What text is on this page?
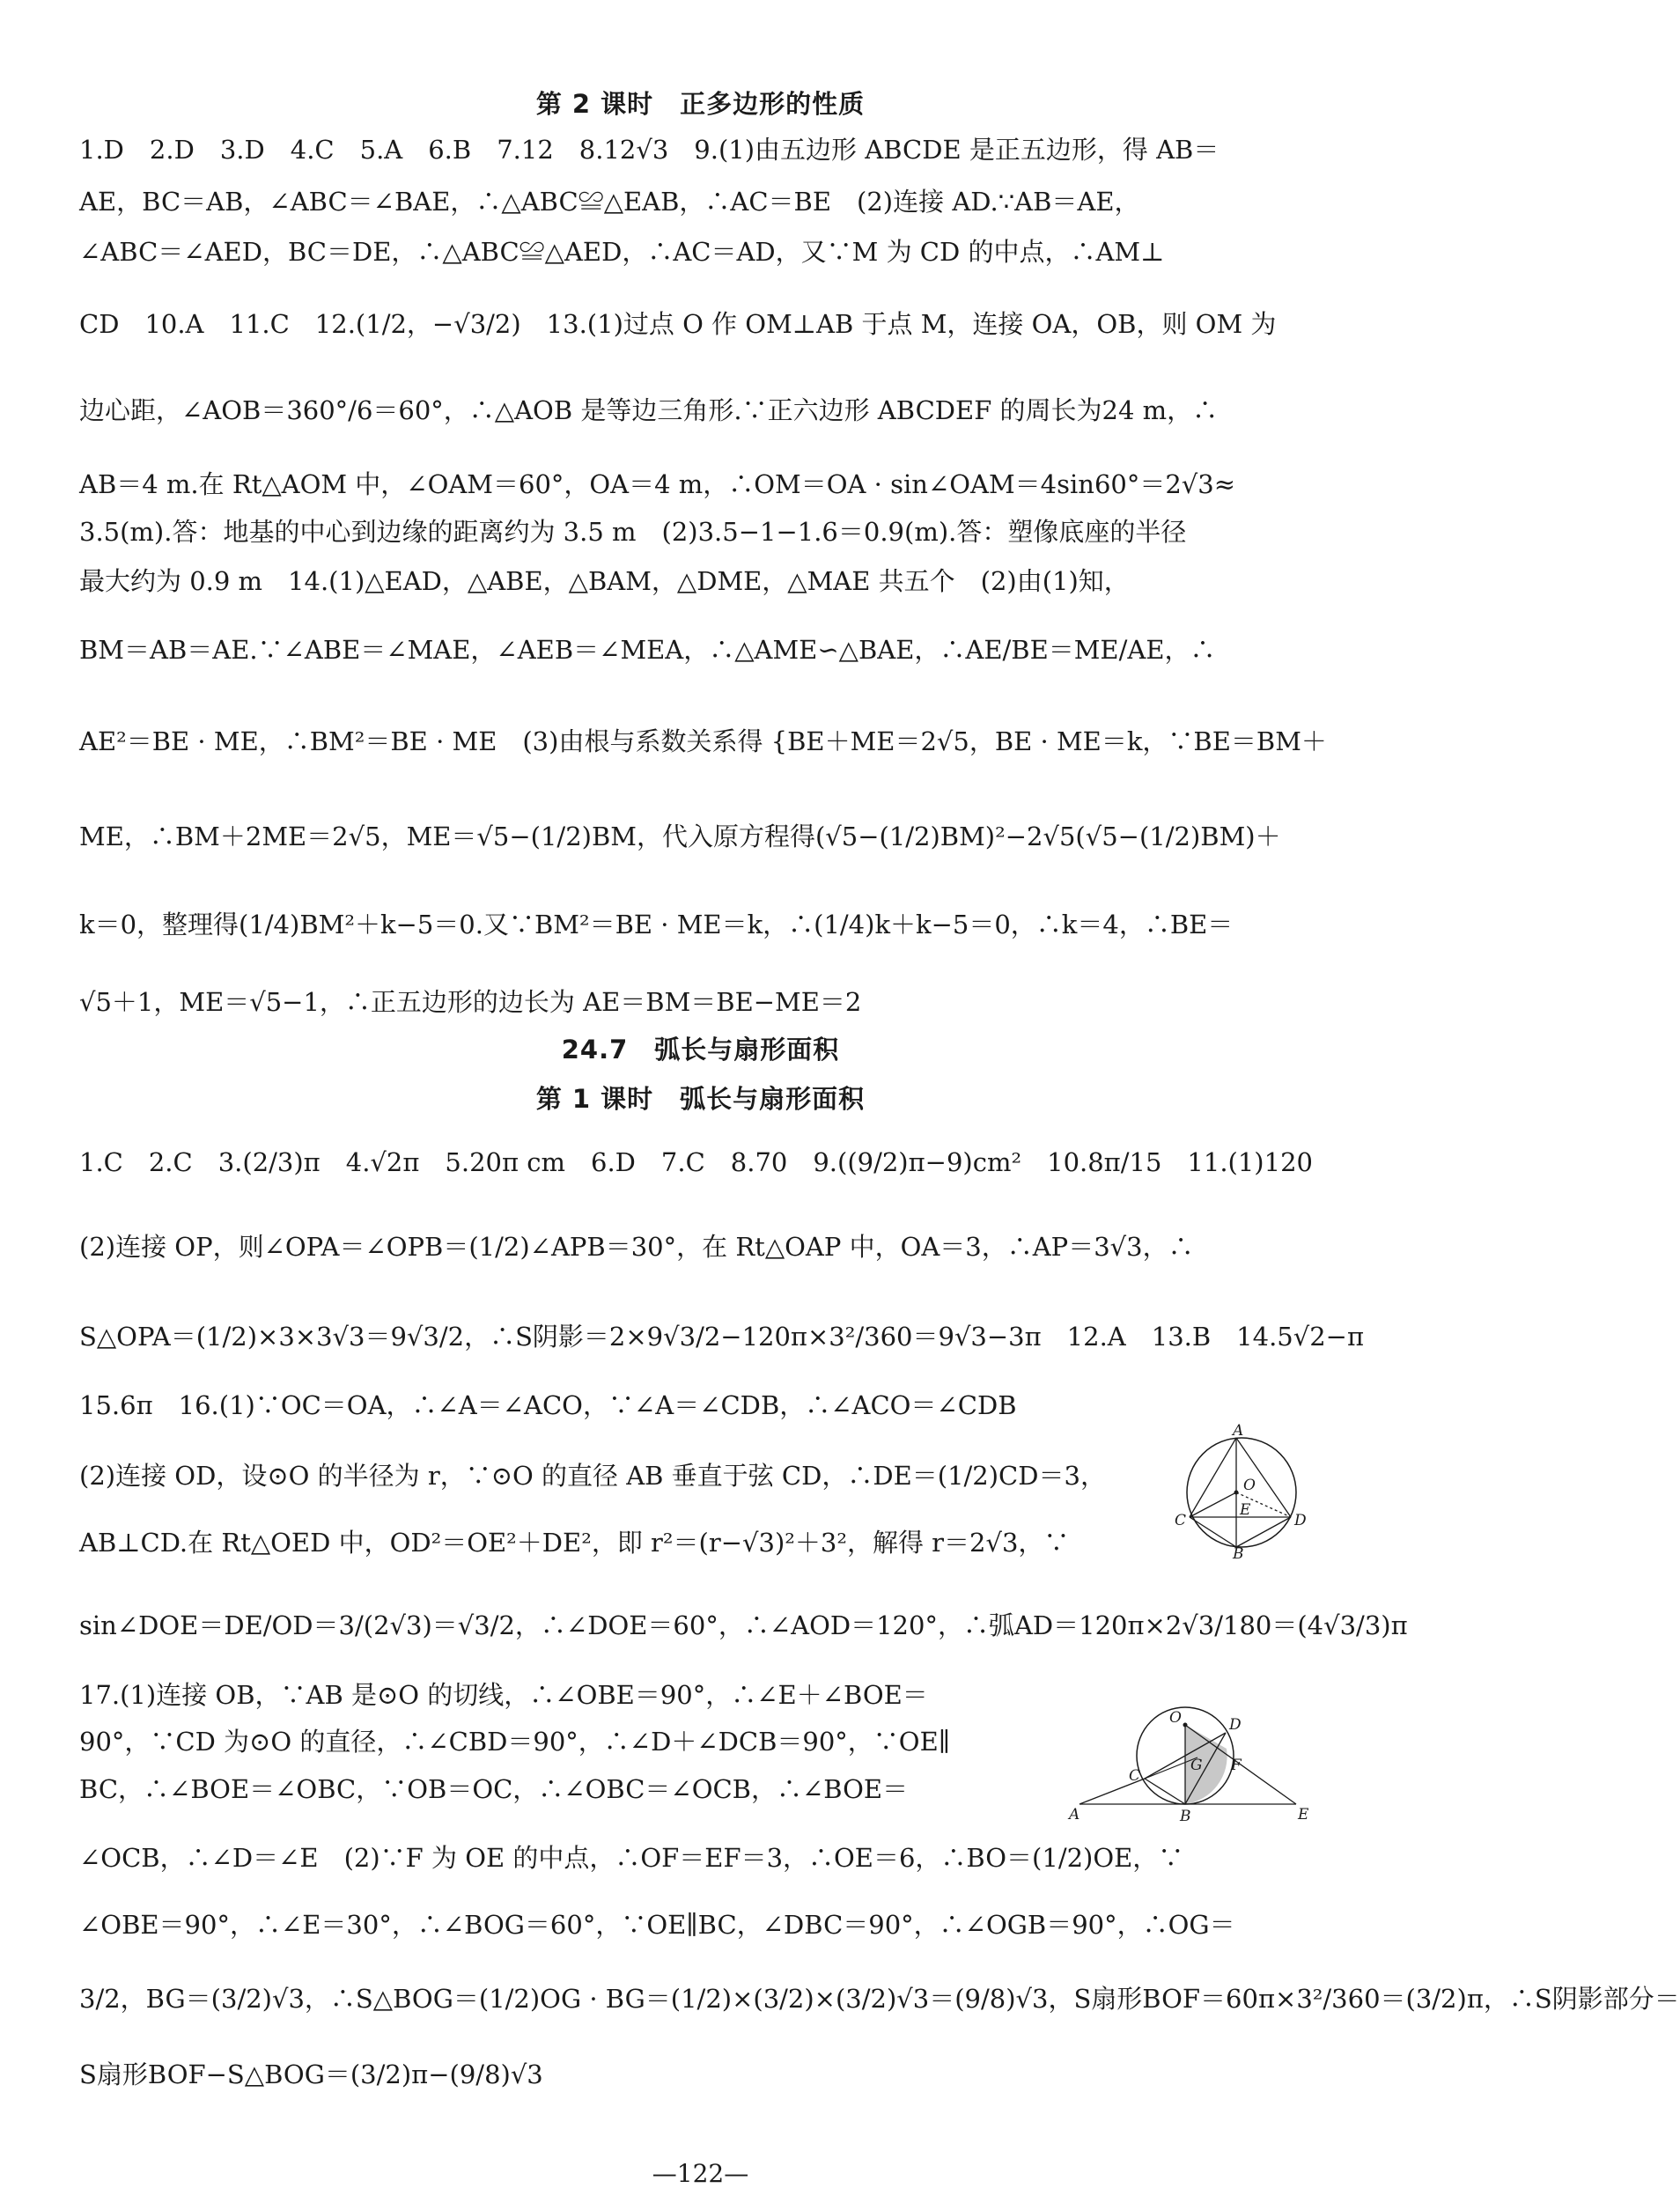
第 2 课时　正多边形的性质
1.D　2.D　3.D　4.C　5.A　6.B　7.12　8.12√3　9.(1)由五边形 ABCDE 是正五边形，得 AB＝
AE，BC＝AB，∠ABC＝∠BAE，∴△ABC≌△EAB，∴AC＝BE　(2)连接 AD.∵AB＝AE，
∠ABC＝∠AED，BC＝DE，∴△ABC≌△AED，∴AC＝AD，又∵M 为 CD 的中点，∴AM⊥
CD　10.A　11.C　12.(1/2，−√3/2)　13.(1)过点 O 作 OM⊥AB 于点 M，连接 OA，OB，则 OM 为
边心距，∠AOB＝360°/6＝60°，∴△AOB 是等边三角形.∵正六边形 ABCDEF 的周长为24 m，∴
AB＝4 m.在 Rt△AOM 中，∠OAM＝60°，OA＝4 m，∴OM＝OA · sin∠OAM＝4sin60°＝2√3≈
3.5(m).答：地基的中心到边缘的距离约为 3.5 m　(2)3.5−1−1.6＝0.9(m).答：塑像底座的半径
最大约为 0.9 m　14.(1)△EAD，△ABE，△BAM，△DME，△MAE 共五个　(2)由(1)知，
BM＝AB＝AE.∵∠ABE＝∠MAE，∠AEB＝∠MEA，∴△AME∽△BAE，∴AE/BE＝ME/AE，∴
AE²＝BE · ME，∴BM²＝BE · ME　(3)由根与系数关系得 {BE＋ME＝2√5，BE · ME＝k，∵BE＝BM＋
ME，∴BM＋2ME＝2√5，ME＝√5−(1/2)BM，代入原方程得(√5−(1/2)BM)²−2√5(√5−(1/2)BM)＋
k＝0，整理得(1/4)BM²＋k−5＝0.又∵BM²＝BE · ME＝k，∴(1/4)k＋k−5＝0，∴k＝4，∴BE＝
√5＋1，ME＝√5−1，∴正五边形的边长为 AE＝BM＝BE−ME＝2
24.7　弧长与扇形面积
第 1 课时　弧长与扇形面积
1.C　2.C　3.(2/3)π　4.√2π　5.20π cm　6.D　7.C　8.70　9.((9/2)π−9)cm²　10.8π/15　11.(1)120
(2)连接 OP，则∠OPA＝∠OPB＝(1/2)∠APB＝30°，在 Rt△OAP 中，OA＝3，∴AP＝3√3，∴
S△OPA＝(1/2)×3×3√3＝9√3/2，∴S阴影＝2×9√3/2−120π×3²/360＝9√3−3π　12.A　13.B　14.5√2−π
15.6π　16.(1)∵OC＝OA，∴∠A＝∠ACO，∵∠A＝∠CDB，∴∠ACO＝∠CDB
(2)连接 OD，设⊙O 的半径为 r，∵⊙O 的直径 AB 垂直于弦 CD，∴DE＝(1/2)CD＝3，
AB⊥CD.在 Rt△OED 中，OD²＝OE²＋DE²，即 r²＝(r−√3)²＋3²，解得 r＝2√3，∵
sin∠DOE＝DE/OD＝3/(2√3)＝√3/2，∴∠DOE＝60°，∴∠AOD＝120°，∴弧AD＝120π×2√3/180＝(4√3/3)π
17.(1)连接 OB，∵AB 是⊙O 的切线，∴∠OBE＝90°，∴∠E＋∠BOE＝
90°，∵CD 为⊙O 的直径，∴∠CBD＝90°，∴∠D＋∠DCB＝90°，∵OE∥
BC，∴∠BOE＝∠OBC，∵OB＝OC，∴∠OBC＝∠OCB，∴∠BOE＝
∠OCB，∴∠D＝∠E　(2)∵F 为 OE 的中点，∴OF＝EF＝3，∴OE＝6，∴BO＝(1/2)OE，∵
∠OBE＝90°，∴∠E＝30°，∴∠BOG＝60°，∵OE∥BC，∠DBC＝90°，∴∠OGB＝90°，∴OG＝
3/2，BG＝(3/2)√3，∴S△BOG＝(1/2)OG · BG＝(1/2)×(3/2)×(3/2)√3＝(9/8)√3，S扇形BOF＝60π×3²/360＝(3/2)π，∴S阴影部分＝
S扇形BOF−S△BOG＝(3/2)π−(9/8)√3
A
O
C
E
D
B
O	D
C
G F
A	B	E
—122—
